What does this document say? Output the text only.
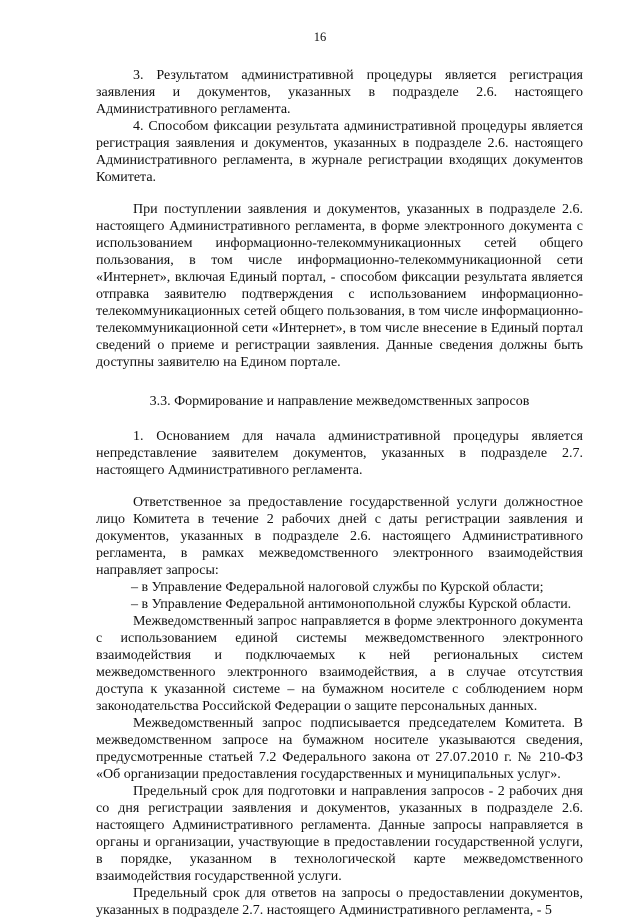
16

3. Результатом административной процедуры является регистрация заявления и документов, указанных в подразделе 2.6. настоящего Административного регламента.

4. Способом фиксации результата административной процедуры является регистрация заявления и документов, указанных в подразделе 2.6. настоящего Административного регламента, в журнале регистрации входящих документов Комитета.

При поступлении заявления и документов, указанных в подразделе 2.6. настоящего Административного регламента, в форме электронного документа с использованием информационно-телекоммуникационных сетей общего пользования, в том числе информационно-телекоммуникационной сети «Интернет», включая Единый портал, - способом фиксации результата является отправка заявителю подтверждения с использованием информационно-телекоммуникационных сетей общего пользования, в том числе информационно-телекоммуникационной сети «Интернет», в том числе внесение в Единый портал сведений о приеме и регистрации заявления. Данные сведения должны быть доступны заявителю на Едином портале.

3.3. Формирование и направление межведомственных запросов

1. Основанием для начала административной процедуры является непредставление заявителем документов, указанных в подразделе 2.7. настоящего Административного регламента.

Ответственное за предоставление государственной услуги должностное лицо Комитета в течение 2 рабочих дней с даты регистрации заявления и документов, указанных в подразделе 2.6. настоящего Административного регламента, в рамках межведомственного электронного взаимодействия направляет запросы:

– в Управление Федеральной налоговой службы по Курской области;

– в Управление Федеральной антимонопольной службы Курской области.

Межведомственный запрос направляется в форме электронного документа с использованием единой системы межведомственного электронного взаимодействия и подключаемых к ней региональных систем межведомственного электронного взаимодействия, а в случае отсутствия доступа к указанной системе – на бумажном носителе с соблюдением норм законодательства Российской Федерации о защите персональных данных.

Межведомственный запрос подписывается председателем Комитета. В межведомственном запросе на бумажном носителе указываются сведения, предусмотренные статьей 7.2 Федерального закона от 27.07.2010 г. № 210-ФЗ «Об организации предоставления государственных и муниципальных услуг».

Предельный срок для подготовки и направления запросов - 2 рабочих дня со дня регистрации заявления и документов, указанных в подразделе 2.6. настоящего Административного регламента. Данные запросы направляется в органы и организации, участвующие в предоставлении государственной услуги, в порядке, указанном в технологической карте межведомственного взаимодействия государственной услуги.

Предельный срок для ответов на запросы о предоставлении документов, указанных в подразделе 2.7. настоящего Административного регламента, - 5
